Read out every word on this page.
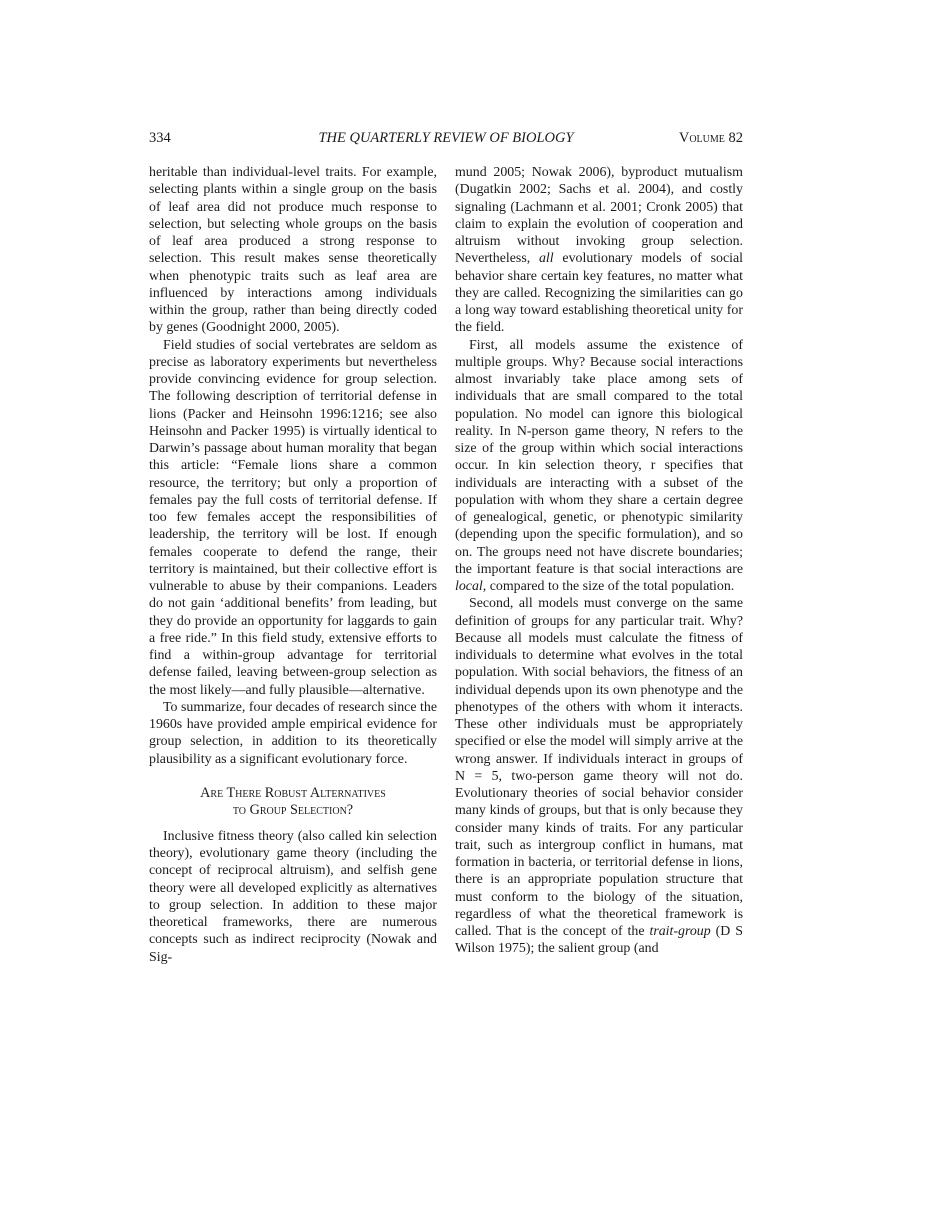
334	THE QUARTERLY REVIEW OF BIOLOGY	Volume 82

heritable than individual-level traits. For example, selecting plants within a single group on the basis of leaf area did not produce much response to selection, but selecting whole groups on the basis of leaf area produced a strong response to selection. This result makes sense theoretically when phenotypic traits such as leaf area are influenced by interactions among individuals within the group, rather than being directly coded by genes (Goodnight 2000, 2005).

Field studies of social vertebrates are seldom as precise as laboratory experiments but nevertheless provide convincing evidence for group selection. The following description of territorial defense in lions (Packer and Heinsohn 1996:1216; see also Heinsohn and Packer 1995) is virtually identical to Darwin’s passage about human morality that began this article: “Female lions share a common resource, the territory; but only a proportion of females pay the full costs of territorial defense. If too few females accept the responsibilities of leadership, the territory will be lost. If enough females cooperate to defend the range, their territory is maintained, but their collective effort is vulnerable to abuse by their companions. Leaders do not gain ‘additional benefits’ from leading, but they do provide an opportunity for laggards to gain a free ride.” In this field study, extensive efforts to find a within-group advantage for territorial defense failed, leaving between-group selection as the most likely—and fully plausible—alternative.

To summarize, four decades of research since the 1960s have provided ample empirical evidence for group selection, in addition to its theoretically plausibility as a significant evolutionary force.

Are There Robust Alternatives
to Group Selection?

Inclusive fitness theory (also called kin selection theory), evolutionary game theory (including the concept of reciprocal altruism), and selfish gene theory were all developed explicitly as alternatives to group selection. In addition to these major theoretical frameworks, there are numerous concepts such as indirect reciprocity (Nowak and Sig-

mund 2005; Nowak 2006), byproduct mutualism (Dugatkin 2002; Sachs et al. 2004), and costly signaling (Lachmann et al. 2001; Cronk 2005) that claim to explain the evolution of cooperation and altruism without invoking group selection. Nevertheless, all evolutionary models of social behavior share certain key features, no matter what they are called. Recognizing the similarities can go a long way toward establishing theoretical unity for the field.

First, all models assume the existence of multiple groups. Why? Because social interactions almost invariably take place among sets of individuals that are small compared to the total population. No model can ignore this biological reality. In N-person game theory, N refers to the size of the group within which social interactions occur. In kin selection theory, r specifies that individuals are interacting with a subset of the population with whom they share a certain degree of genealogical, genetic, or phenotypic similarity (depending upon the specific formulation), and so on. The groups need not have discrete boundaries; the important feature is that social interactions are local, compared to the size of the total population.

Second, all models must converge on the same definition of groups for any particular trait. Why? Because all models must calculate the fitness of individuals to determine what evolves in the total population. With social behaviors, the fitness of an individual depends upon its own phenotype and the phenotypes of the others with whom it interacts. These other individuals must be appropriately specified or else the model will simply arrive at the wrong answer. If individuals interact in groups of N = 5, two-person game theory will not do. Evolutionary theories of social behavior consider many kinds of groups, but that is only because they consider many kinds of traits. For any particular trait, such as intergroup conflict in humans, mat formation in bacteria, or territorial defense in lions, there is an appropriate population structure that must conform to the biology of the situation, regardless of what the theoretical framework is called. That is the concept of the trait-group (D S Wilson 1975); the salient group (and
